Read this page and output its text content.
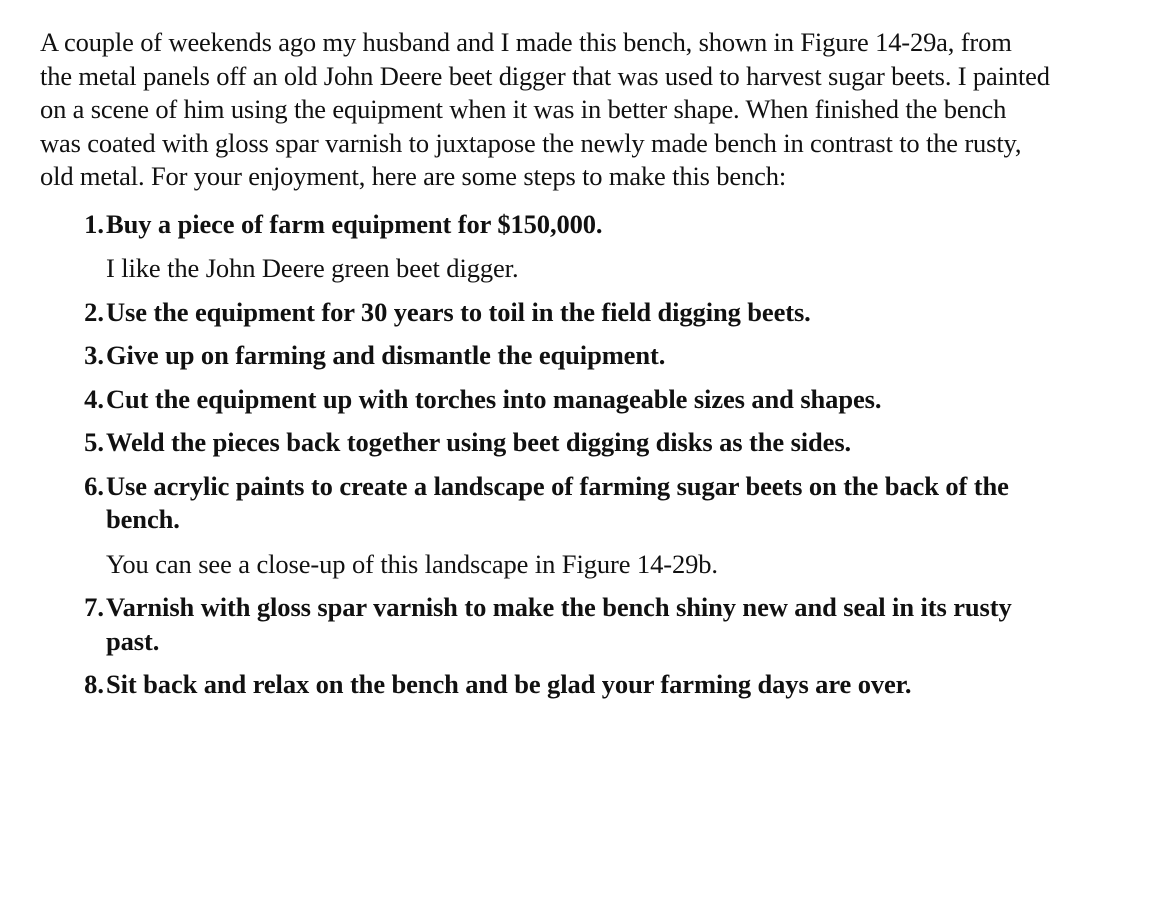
A couple of weekends ago my husband and I made this bench, shown in Figure 14-29a, from the metal panels off an old John Deere beet digger that was used to harvest sugar beets. I painted on a scene of him using the equipment when it was in better shape. When finished the bench was coated with gloss spar varnish to juxtapose the newly made bench in contrast to the rusty, old metal. For your enjoyment, here are some steps to make this bench:

1. Buy a piece of farm equipment for $150,000.
I like the John Deere green beet digger.
2. Use the equipment for 30 years to toil in the field digging beets.
3. Give up on farming and dismantle the equipment.
4. Cut the equipment up with torches into manageable sizes and shapes.
5. Weld the pieces back together using beet digging disks as the sides.
6. Use acrylic paints to create a landscape of farming sugar beets on the back of the bench.
You can see a close-up of this landscape in Figure 14-29b.
7. Varnish with gloss spar varnish to make the bench shiny new and seal in its rusty past.
8. Sit back and relax on the bench and be glad your farming days are over.
